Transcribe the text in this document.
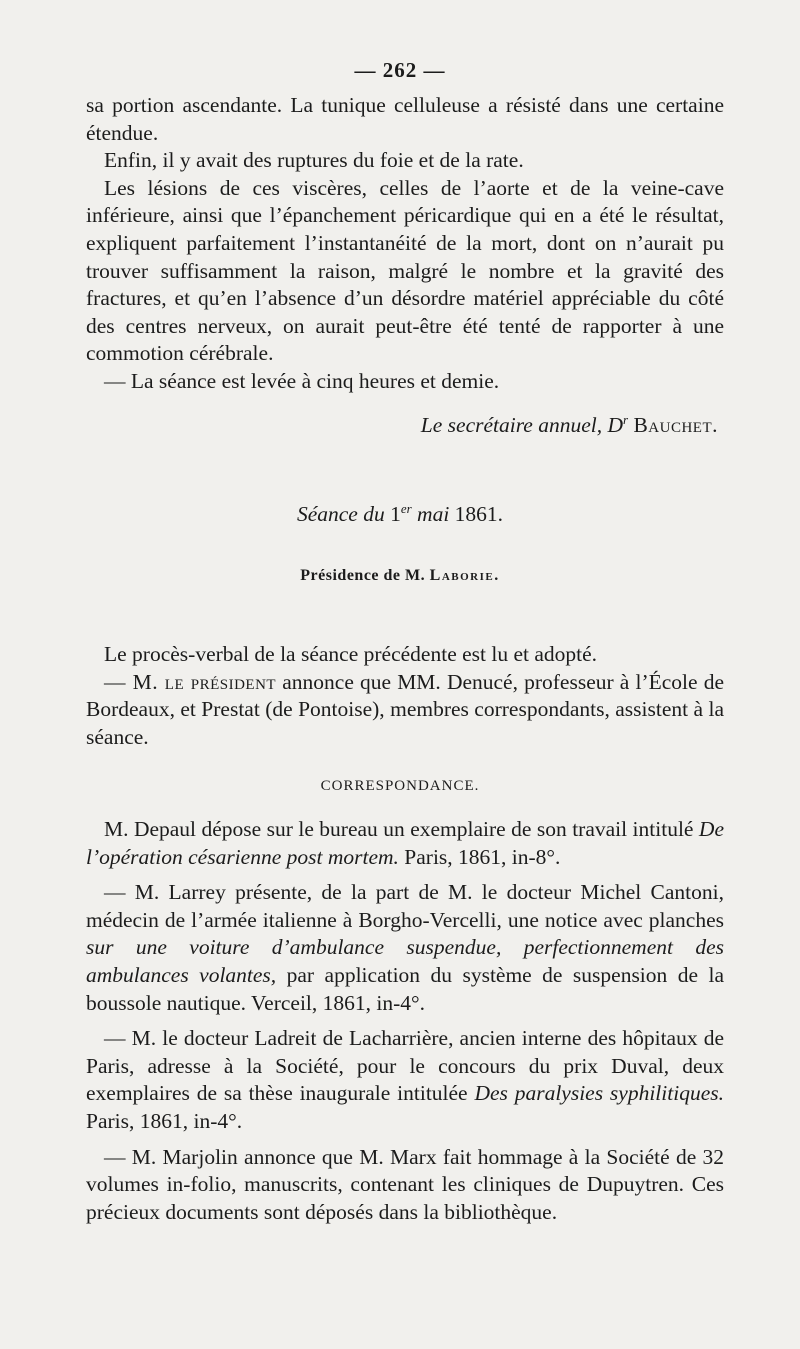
— 262 —

sa portion ascendante. La tunique celluleuse a résisté dans une certaine étendue.

Enfin, il y avait des ruptures du foie et de la rate.

Les lésions de ces viscères, celles de l’aorte et de la veine-cave inférieure, ainsi que l’épanchement péricardique qui en a été le résultat, expliquent parfaitement l’instantanéité de la mort, dont on n’aurait pu trouver suffisamment la raison, malgré le nombre et la gravité des fractures, et qu’en l’absence d’un désordre matériel appréciable du côté des centres nerveux, on aurait peut-être été tenté de rapporter à une commotion cérébrale.

— La séance est levée à cinq heures et demie.

Le secrétaire annuel, $D^r$ Bauchet.
Séance du 1er mai 1861.
Présidence de M. Laborie.

Le procès-verbal de la séance précédente est lu et adopté.

— M. le président annonce que MM. Denucé, professeur à l’École de Bordeaux, et Prestat (de Pontoise), membres correspondants, assistent à la séance.

CORRESPONDANCE.

M. Depaul dépose sur le bureau un exemplaire de son travail intitulé De l’opération césarienne post mortem. Paris, 1861, in-8°.

— M. Larrey présente, de la part de M. le docteur Michel Cantoni, médecin de l’armée italienne à Borgho-Vercelli, une notice avec planches sur une voiture d’ambulance suspendue, perfectionnement des ambulances volantes, par application du système de suspension de la boussole nautique. Verceil, 1861, in-4°.

— M. le docteur Ladreit de Lacharrière, ancien interne des hôpitaux de Paris, adresse à la Société, pour le concours du prix Duval, deux exemplaires de sa thèse inaugurale intitulée Des paralysies syphilitiques. Paris, 1861, in-4°.

— M. Marjolin annonce que M. Marx fait hommage à la Société de 32 volumes in-folio, manuscrits, contenant les cliniques de Dupuytren. Ces précieux documents sont déposés dans la bibliothèque.
